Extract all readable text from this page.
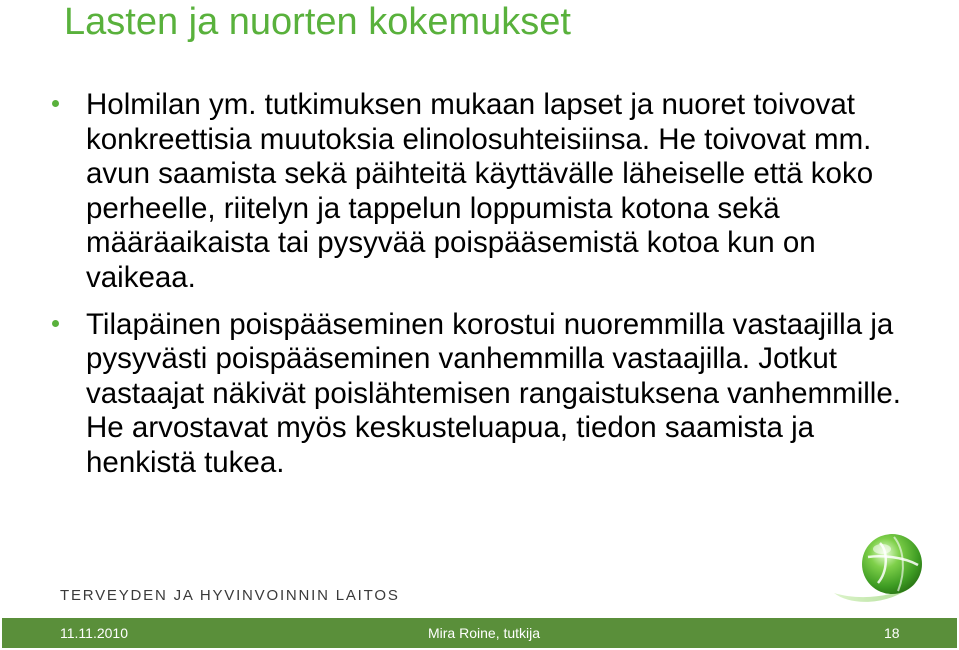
Lasten ja nuorten kokemukset
Holmilan ym. tutkimuksen mukaan lapset ja nuoret toivovat konkreettisia muutoksia elinolosuhteisiinsa. He toivovat mm. avun saamista sekä päihteitä käyttävälle läheiselle että koko perheelle, riitelyn ja tappelun loppumista kotona sekä määräaikaista tai pysyvää poispääsemistä kotoa kun on vaikeaa.
Tilapäinen poispääseminen korostui nuoremmilla vastaajilla ja pysyvästi poispääseminen vanhemmilla vastaajilla. Jotkut vastaajat näkivät poislähtemisen rangaistuksena vanhemmille. He arvostavat myös keskusteluapua, tiedon saamista ja henkistä tukea.
TERVEYDEN JA HYVINVOINNIN LAITOS
11.11.2010	Mira Roine, tutkija	18
